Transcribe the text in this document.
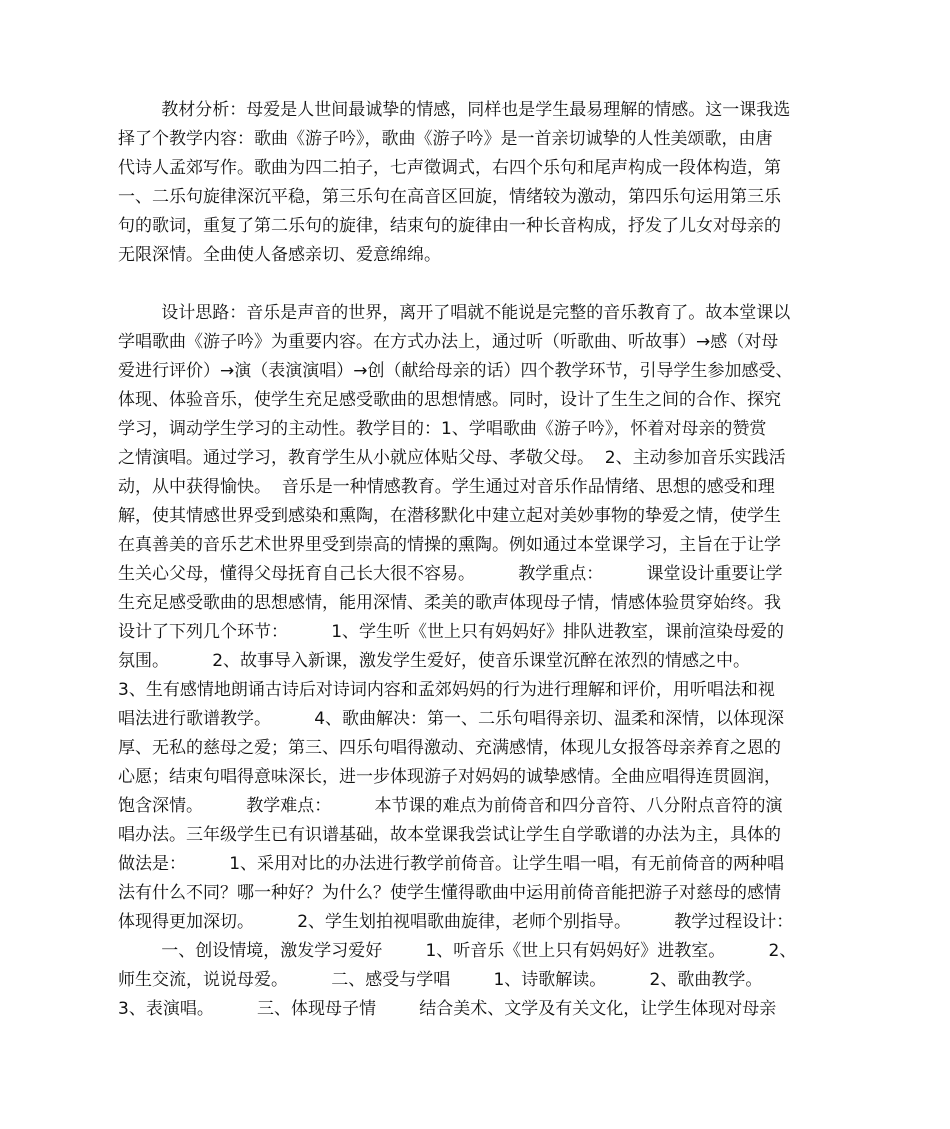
教材分析：母爱是人世间最诚挚的情感，同样也是学生最易理解的情感。这一课我选
择了个教学内容：歌曲《游子吟》，歌曲《游子吟》是一首亲切诚挚的人性美颂歌，由唐
代诗人孟郊写作。歌曲为四二拍子，七声徵调式，右四个乐句和尾声构成一段体构造，第
一、二乐句旋律深沉平稳，第三乐句在高音区回旋，情绪较为激动，第四乐句运用第三乐
句的歌词，重复了第二乐句的旋律，结束句的旋律由一种长音构成，抒发了儿女对母亲的
无限深情。全曲使人备感亲切、爱意绵绵。
设计思路：音乐是声音的世界，离开了唱就不能说是完整的音乐教育了。故本堂课以
学唱歌曲《游子吟》为重要内容。在方式办法上，通过听（听歌曲、听故事）→感（对母
爱进行评价）→演（表演演唱）→创（献给母亲的话）四个教学环节，引导学生参加感受、
体现、体验音乐，使学生充足感受歌曲的思想情感。同时，设计了生生之间的合作、探究
学习，调动学生学习的主动性。教学目的：1、学唱歌曲《游子吟》，怀着对母亲的赞赏
之情演唱。通过学习，教育学生从小就应体贴父母、孝敬父母。  2、主动参加音乐实践活
动，从中获得愉快。  音乐是一种情感教育。学生通过对音乐作品情绪、思想的感受和理
解，使其情感世界受到感染和熏陶，在潜移默化中建立起对美妙事物的挚爱之情，使学生
在真善美的音乐艺术世界里受到崇高的情操的熏陶。例如通过本堂课学习，主旨在于让学
生关心父母，懂得父母抚育自己长大很不容易。        教学重点：        课堂设计重要让学
生充足感受歌曲的思想感情，能用深情、柔美的歌声体现母子情，情感体验贯穿始终。我
设计了下列几个环节：        1、学生听《世上只有妈妈好》排队进教室，课前渲染母爱的
氛围。        2、故事导入新课，激发学生爱好，使音乐课堂沉醉在浓烈的情感之中。
3、生有感情地朗诵古诗后对诗词内容和孟郊妈妈的行为进行理解和评价，用听唱法和视
唱法进行歌谱教学。        4、歌曲解决：第一、二乐句唱得亲切、温柔和深情，以体现深
厚、无私的慈母之爱；第三、四乐句唱得激动、充满感情，体现儿女报答母亲养育之恩的
心愿；结束句唱得意味深长，进一步体现游子对妈妈的诚挚感情。全曲应唱得连贯圆润，
饱含深情。        教学难点：        本节课的难点为前倚音和四分音符、八分附点音符的演
唱办法。三年级学生已有识谱基础，故本堂课我尝试让学生自学歌谱的办法为主，具体的
做法是：        1、采用对比的办法进行教学前倚音。让学生唱一唱，有无前倚音的两种唱
法有什么不同？哪一种好？为什么？使学生懂得歌曲中运用前倚音能把游子对慈母的感情
体现得更加深切。        2、学生划拍视唱歌曲旋律，老师个别指导。        教学过程设计：
一、创设情境，激发学习爱好        1、听音乐《世上只有妈妈好》进教室。        2、
师生交流，说说母爱。        二、感受与学唱        1、诗歌解读。        2、歌曲教学。
3、表演唱。        三、体现母子情        结合美术、文学及有关文化，让学生体现对母亲
